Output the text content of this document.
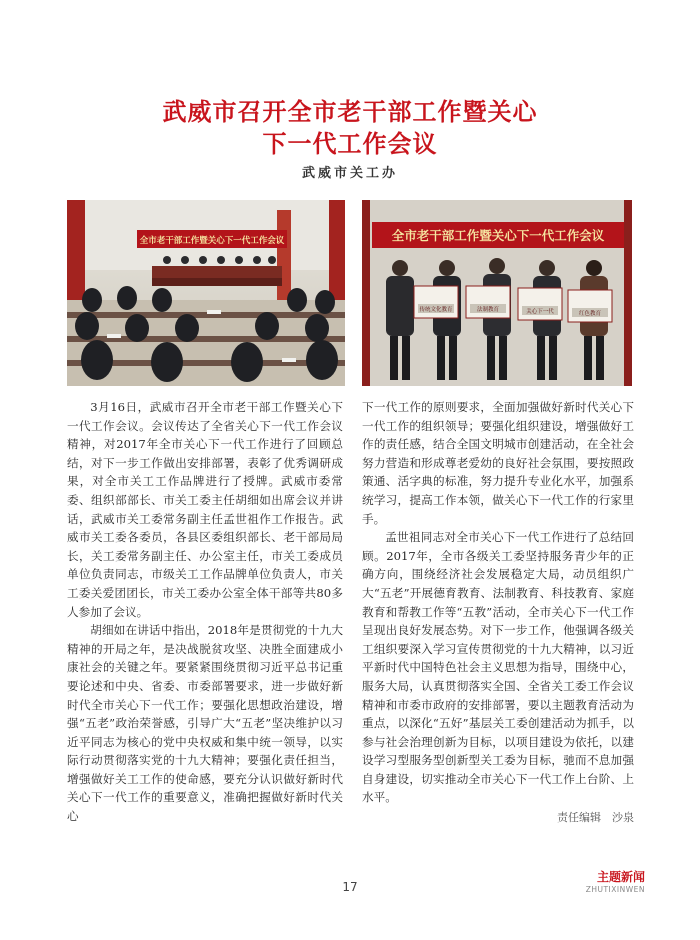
武威市召开全市老干部工作暨关心
下一代工作会议
武威市关工办
全市老干部工作暨关心下一代工作会议	全市老干部工作暨关心下一代工作会议
传统文化教育	法制教育	关心下一代	红色教育

3月16日，武威市召开全市老干部工作暨关心下一代工作会议。会议传达了全省关心下一代工作会议精神，对2017年全市关心下一代工作进行了回顾总结，对下一步工作做出安排部署，表彰了优秀调研成果，对全市关工工作品牌进行了授牌。武威市委常委、组织部部长、市关工委主任胡细如出席会议并讲话，武威市关工委常务副主任孟世祖作工作报告。武威市关工委各委员，各县区委组织部长、老干部局局长，关工委常务副主任、办公室主任，市关工委成员单位负责同志，市级关工工作品牌单位负责人，市关工委关爱团团长，市关工委办公室全体干部等共80多人参加了会议。

胡细如在讲话中指出，2018年是贯彻党的十九大精神的开局之年，是决战脱贫攻坚、决胜全面建成小康社会的关键之年。要紧紧围绕贯彻习近平总书记重要论述和中央、省委、市委部署要求，进一步做好新时代全市关心下一代工作；要强化思想政治建设，增强“五老”政治荣誉感，引导广大“五老”坚决维护以习近平同志为核心的党中央权威和集中统一领导，以实际行动贯彻落实党的十九大精神；要强化责任担当，增强做好关工工作的使命感，要充分认识做好新时代关心下一代工作的重要意义，准确把握做好新时代关心

下一代工作的原则要求，全面加强做好新时代关心下一代工作的组织领导；要强化组织建设，增强做好工作的责任感，结合全国文明城市创建活动，在全社会努力营造和形成尊老爱幼的良好社会氛围，要按照政策通、活字典的标准，努力提升专业化水平，加强系统学习，提高工作本领，做关心下一代工作的行家里手。

孟世祖同志对全市关心下一代工作进行了总结回顾。2017年，全市各级关工委坚持服务青少年的正确方向，围绕经济社会发展稳定大局，动员组织广大“五老”开展德育教育、法制教育、科技教育、家庭教育和帮教工作等“五教”活动，全市关心下一代工作呈现出良好发展态势。对下一步工作，他强调各级关工组织要深入学习宣传贯彻党的十九大精神，以习近平新时代中国特色社会主义思想为指导，围绕中心，服务大局，认真贯彻落实全国、全省关工委工作会议精神和市委市政府的安排部署，要以主题教育活动为重点，以深化“五好”基层关工委创建活动为抓手，以参与社会治理创新为目标，以项目建设为依托，以建设学习型服务型创新型关工委为目标，驰而不息加强自身建设，切实推动全市关心下一代工作上台阶、上水平。

责任编辑　沙泉
17
主题新闻
ZHUTIXINWEN
